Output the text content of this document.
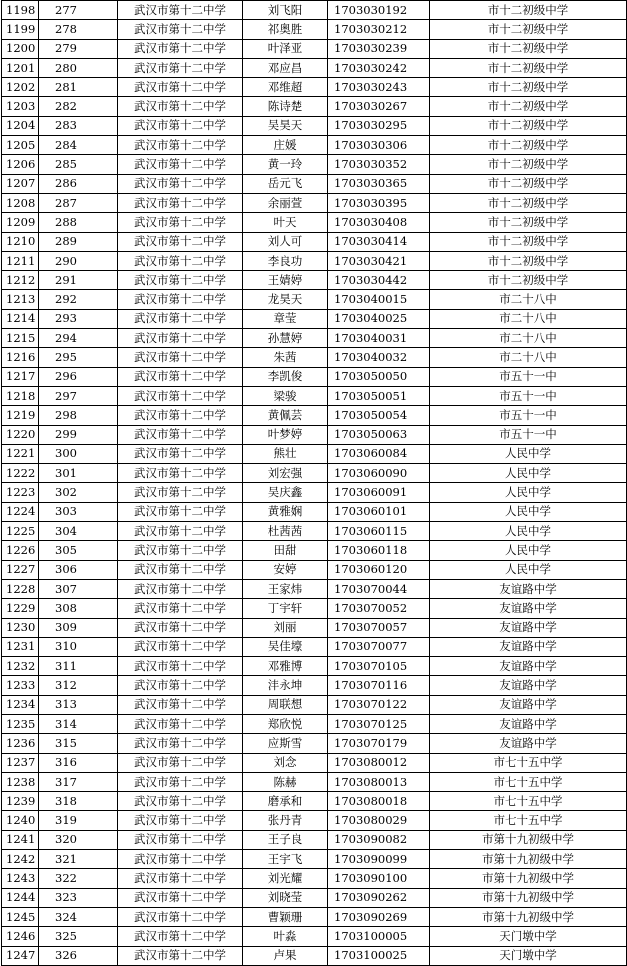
1198	277	武汉市第十二中学	刘飞阳	1703030192	市十二初级中学
1199	278	武汉市第十二中学	祁奥胜	1703030212	市十二初级中学
1200	279	武汉市第十二中学	叶泽亚	1703030239	市十二初级中学
1201	280	武汉市第十二中学	邓应昌	1703030242	市十二初级中学
1202	281	武汉市第十二中学	邓维超	1703030243	市十二初级中学
1203	282	武汉市第十二中学	陈诗楚	1703030267	市十二初级中学
1204	283	武汉市第十二中学	吴昊天	1703030295	市十二初级中学
1205	284	武汉市第十二中学	庄媛	1703030306	市十二初级中学
1206	285	武汉市第十二中学	黄一玲	1703030352	市十二初级中学
1207	286	武汉市第十二中学	岳元飞	1703030365	市十二初级中学
1208	287	武汉市第十二中学	余丽萱	1703030395	市十二初级中学
1209	288	武汉市第十二中学	叶天	1703030408	市十二初级中学
1210	289	武汉市第十二中学	刘人可	1703030414	市十二初级中学
1211	290	武汉市第十二中学	李良功	1703030421	市十二初级中学
1212	291	武汉市第十二中学	王婧婷	1703030442	市十二初级中学
1213	292	武汉市第十二中学	龙昊天	1703040015	市二十八中
1214	293	武汉市第十二中学	章莹	1703040025	市二十八中
1215	294	武汉市第十二中学	孙慧婷	1703040031	市二十八中
1216	295	武汉市第十二中学	朱茜	1703040032	市二十八中
1217	296	武汉市第十二中学	李凯俊	1703050050	市五十一中
1218	297	武汉市第十二中学	梁骏	1703050051	市五十一中
1219	298	武汉市第十二中学	黄佩芸	1703050054	市五十一中
1220	299	武汉市第十二中学	叶梦婷	1703050063	市五十一中
1221	300	武汉市第十二中学	熊壮	1703060084	人民中学
1222	301	武汉市第十二中学	刘宏强	1703060090	人民中学
1223	302	武汉市第十二中学	吴庆鑫	1703060091	人民中学
1224	303	武汉市第十二中学	黄雅娴	1703060101	人民中学
1225	304	武汉市第十二中学	杜茜茜	1703060115	人民中学
1226	305	武汉市第十二中学	田甜	1703060118	人民中学
1227	306	武汉市第十二中学	安婷	1703060120	人民中学
1228	307	武汉市第十二中学	王家炜	1703070044	友谊路中学
1229	308	武汉市第十二中学	丁宇轩	1703070052	友谊路中学
1230	309	武汉市第十二中学	刘丽	1703070057	友谊路中学
1231	310	武汉市第十二中学	吴佳壕	1703070077	友谊路中学
1232	311	武汉市第十二中学	邓雅博	1703070105	友谊路中学
1233	312	武汉市第十二中学	沣永坤	1703070116	友谊路中学
1234	313	武汉市第十二中学	周联想	1703070122	友谊路中学
1235	314	武汉市第十二中学	郑欣悦	1703070125	友谊路中学
1236	315	武汉市第十二中学	应斯雪	1703070179	友谊路中学
1237	316	武汉市第十二中学	刘念	1703080012	市七十五中学
1238	317	武汉市第十二中学	陈赫	1703080013	市七十五中学
1239	318	武汉市第十二中学	磨承和	1703080018	市七十五中学
1240	319	武汉市第十二中学	张丹青	1703080029	市七十五中学
1241	320	武汉市第十二中学	王子良	1703090082	市第十九初级中学
1242	321	武汉市第十二中学	王宇飞	1703090099	市第十九初级中学
1243	322	武汉市第十二中学	刘光耀	1703090100	市第十九初级中学
1244	323	武汉市第十二中学	刘晓莹	1703090262	市第十九初级中学
1245	324	武汉市第十二中学	曹颖珊	1703090269	市第十九初级中学
1246	325	武汉市第十二中学	叶淼	1703100005	天门墩中学
1247	326	武汉市第十二中学	卢果	1703100025	天门墩中学
